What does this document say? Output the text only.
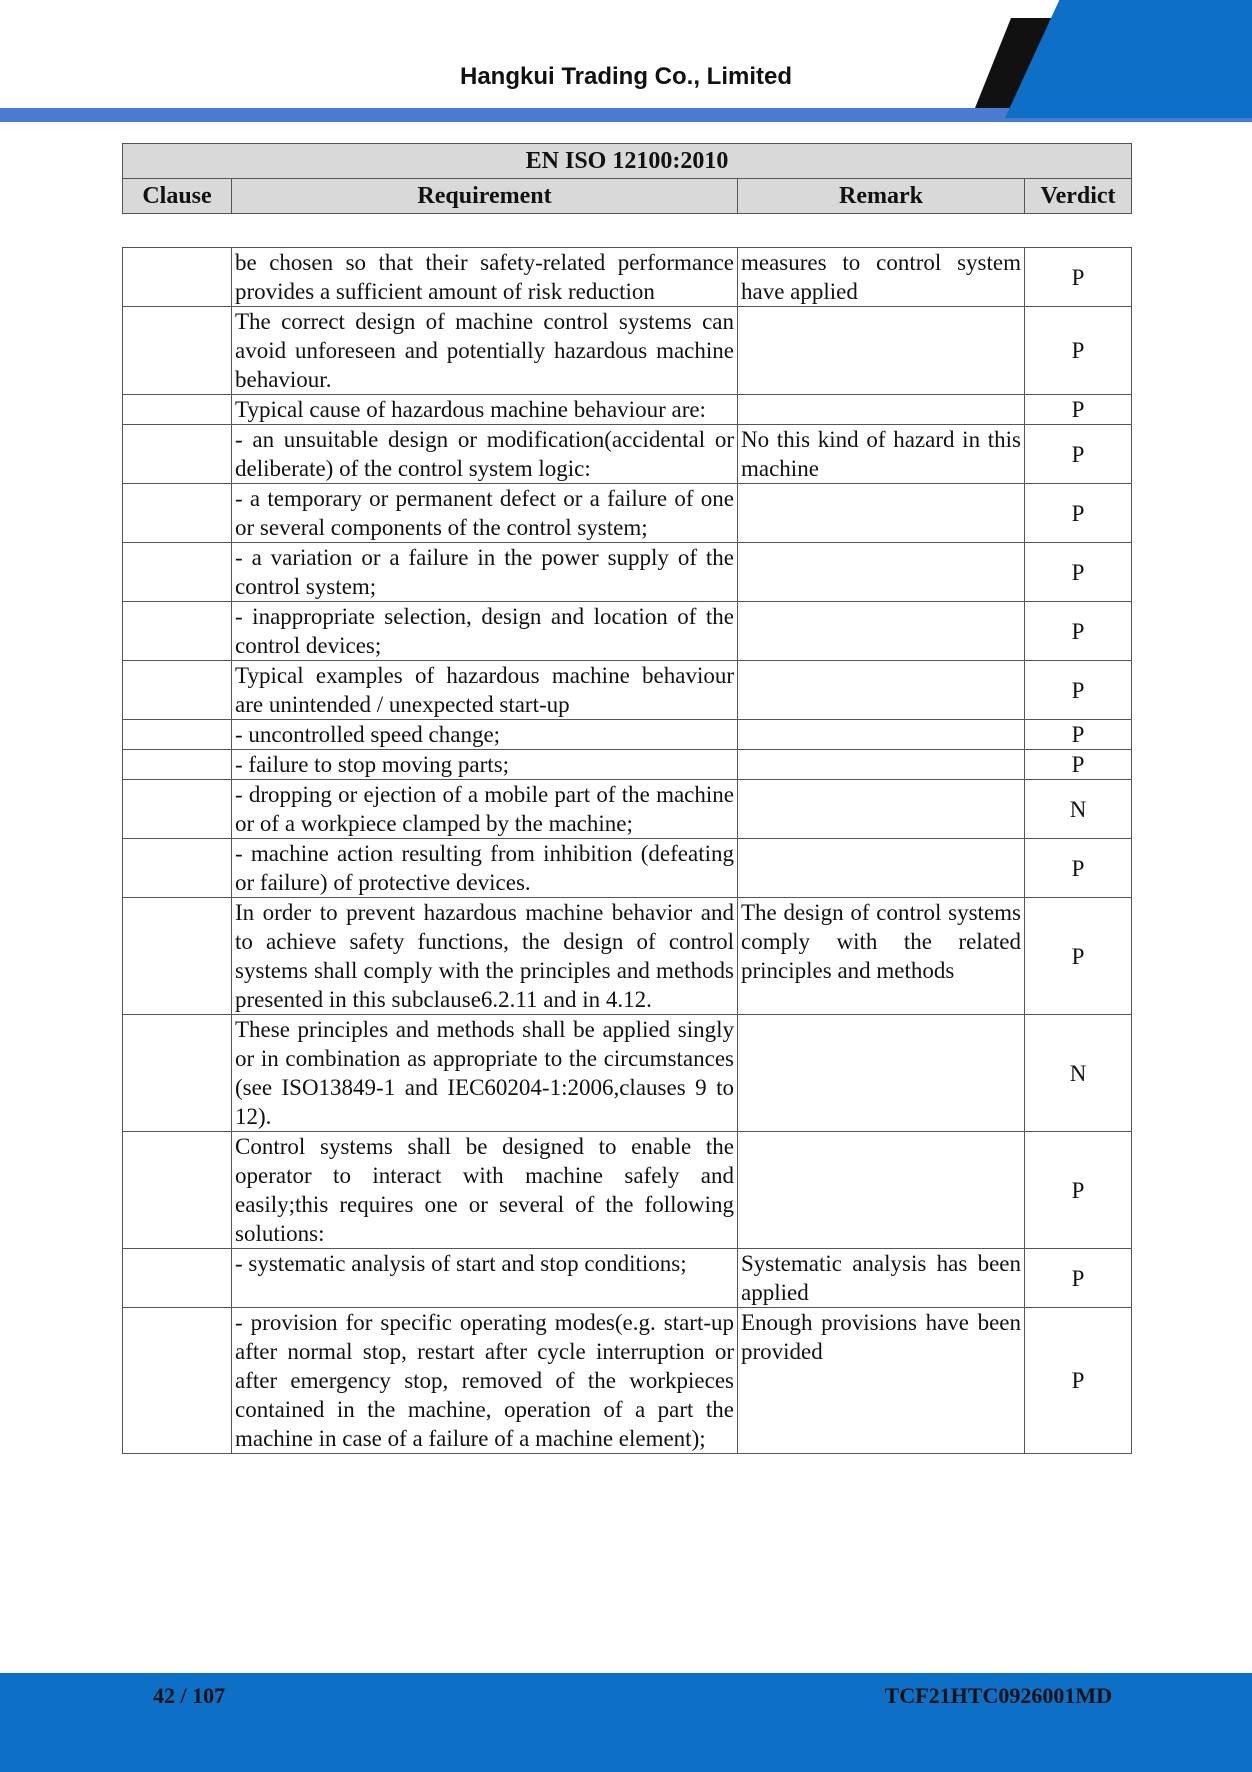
Hangkui Trading Co., Limited
EN ISO 12100:2010
Clause	Requirement	Remark	Verdict
	be chosen so that their safety-related performance provides a sufficient amount of risk reduction	measures to control system have applied	P
	The correct design of machine control systems can avoid unforeseen and potentially hazardous machine behaviour.		P
	Typical cause of hazardous machine behaviour are:		P
	- an unsuitable design or modification(accidental or deliberate) of the control system logic:	No this kind of hazard in this machine	P
	- a temporary or permanent defect or a failure of one or several components of the control system;		P
	- a variation or a failure in the power supply of the control system;		P
	- inappropriate selection, design and location of the control devices;		P
	Typical examples of hazardous machine behaviour are unintended / unexpected start-up		P
	- uncontrolled speed change;		P
	- failure to stop moving parts;		P
	- dropping or ejection of a mobile part of the machine or of a workpiece clamped by the machine;		N
	- machine action resulting from inhibition (defeating or failure) of protective devices.		P
	In order to prevent hazardous machine behavior and to achieve safety functions, the design of control systems shall comply with the principles and methods presented in this subclause6.2.11 and in 4.12.	The design of control systems comply with the related principles and methods	P
	These principles and methods shall be applied singly or in combination as appropriate to the circumstances (see ISO13849-1 and IEC60204-1:2006,clauses 9 to 12).		N
	Control systems shall be designed to enable the operator to interact with machine safely and easily;this requires one or several of the following solutions:		P
	- systematic analysis of start and stop conditions;	Systematic analysis has been applied	P
	- provision for specific operating modes(e.g. start-up after normal stop, restart after cycle interruption or after emergency stop, removed of the workpieces contained in the machine, operation of a part the machine in case of a failure of a machine element);	Enough provisions have been provided	P
42 / 107	TCF21HTC0926001MD
